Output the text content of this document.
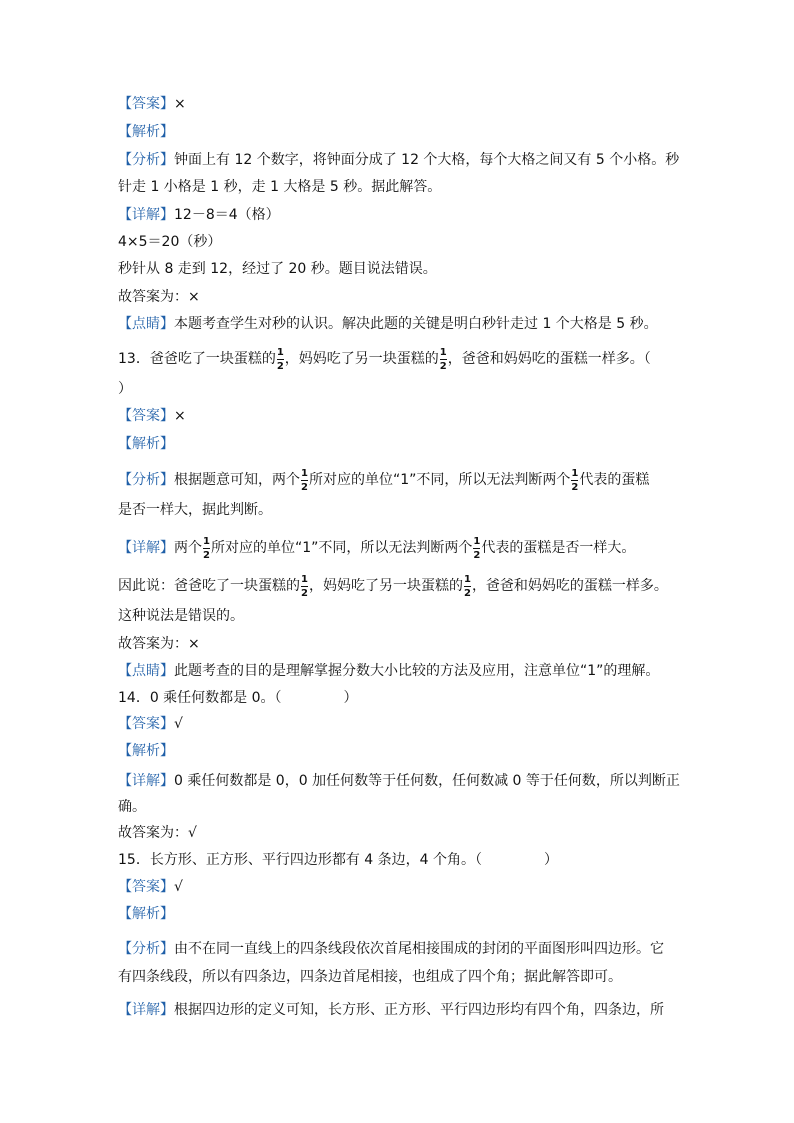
【答案】×
【解析】
【分析】钟面上有 12 个数字，将钟面分成了 12 个大格，每个大格之间又有 5 个小格。秒
针走 1 小格是 1 秒，走 1 大格是 5 秒。据此解答。
【详解】12－8＝4（格）
4×5＝20（秒）
秒针从 8 走到 12，经过了 20 秒。题目说法错误。
故答案为：×
【点睛】本题考查学生对秒的认识。解决此题的关键是明白秒针走过 1 个大格是 5 秒。
13．爸爸吃了一块蛋糕的 $\frac{1}{2}$ ，妈妈吃了另一块蛋糕的 $\frac{1}{2}$ ，爸爸和妈妈吃的蛋糕一样多。（
）
【答案】×
【解析】
【分析】根据题意可知，两个 $\frac{1}{2}$ 所对应的单位“1”不同，所以无法判断两个 $\frac{1}{2}$ 代表的蛋糕
是否一样大，据此判断。
【详解】两个 $\frac{1}{2}$ 所对应的单位“1”不同，所以无法判断两个 $\frac{1}{2}$ 代表的蛋糕是否一样大。
因此说：爸爸吃了一块蛋糕的 $\frac{1}{2}$ ，妈妈吃了另一块蛋糕的 $\frac{1}{2}$ ，爸爸和妈妈吃的蛋糕一样多。
这种说法是错误的。
故答案为：×
【点睛】此题考查的目的是理解掌握分数大小比较的方法及应用，注意单位“1”的理解。
14．0 乘任何数都是 0。（	）
【答案】√
【解析】
【详解】0 乘任何数都是 0，0 加任何数等于任何数，任何数减 0 等于任何数，所以判断正
确。
故答案为：√
15．长方形、正方形、平行四边形都有 4 条边，4 个角。（	）
【答案】√
【解析】
【分析】由不在同一直线上的四条线段依次首尾相接围成的封闭的平面图形叫四边形。它
有四条线段，所以有四条边，四条边首尾相接，也组成了四个角；据此解答即可。
【详解】根据四边形的定义可知，长方形、正方形、平行四边形均有四个角，四条边，所
